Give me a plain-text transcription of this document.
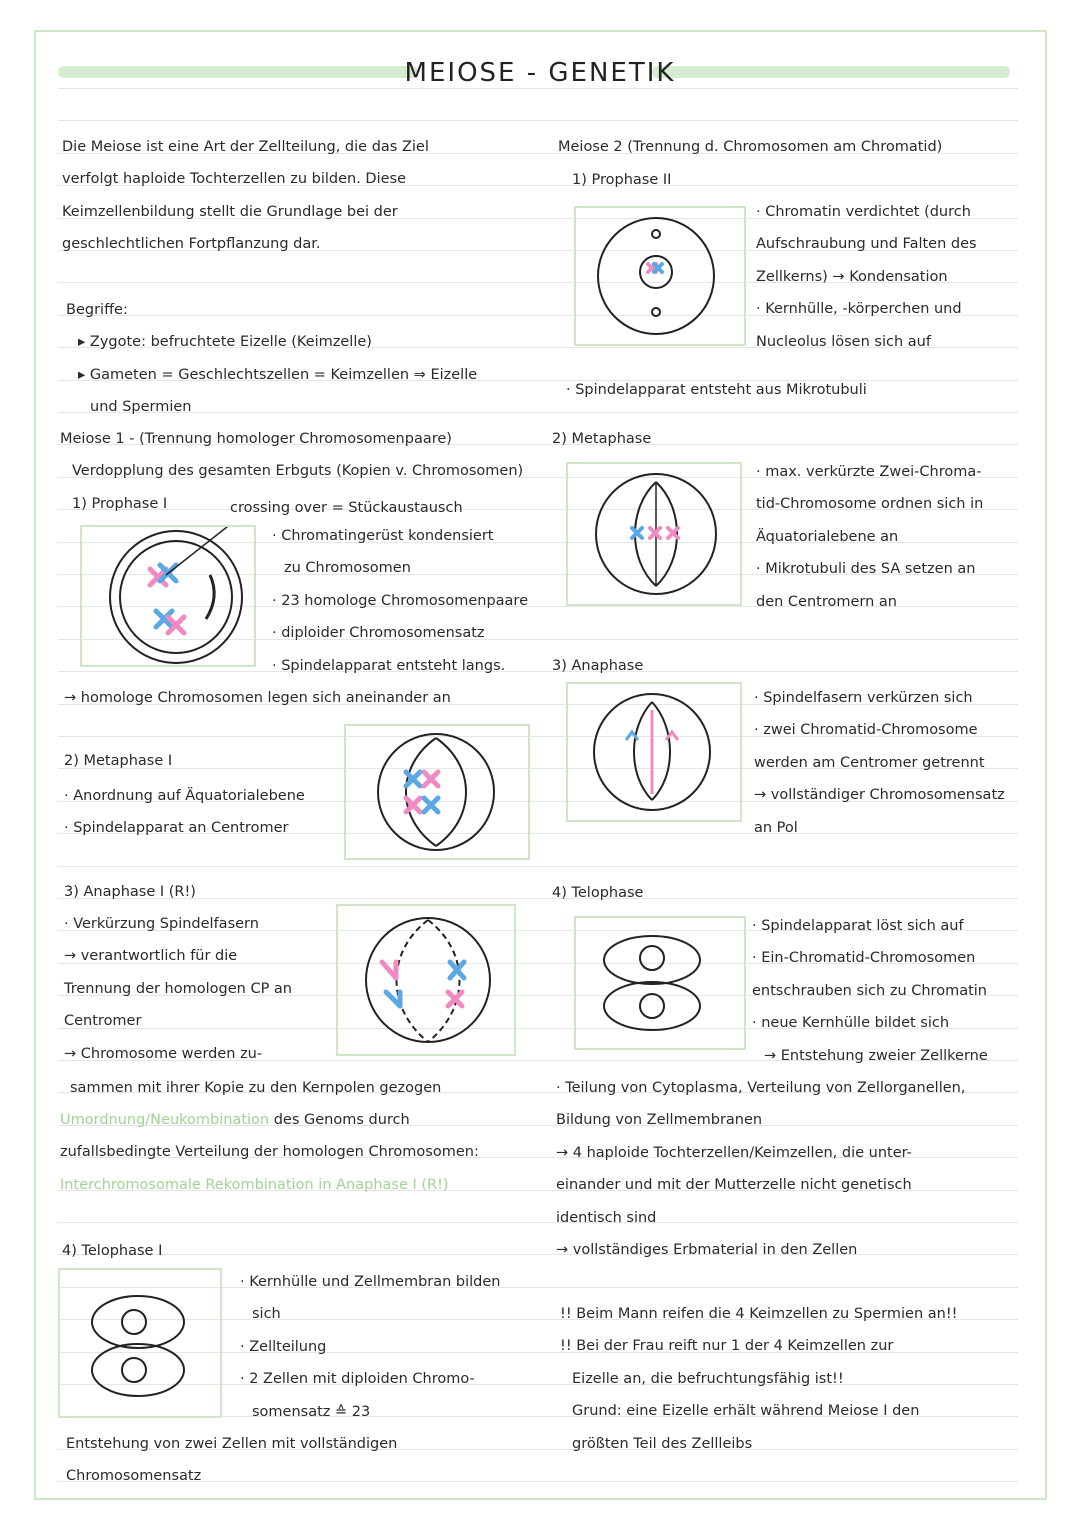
MEIOSE - GENETIK
Die Meiose ist eine Art der Zellteilung, die das Ziel
verfolgt haploide Tochterzellen zu bilden. Diese
Keimzellenbildung stellt die Grundlage bei der
geschlechtlichen Fortpflanzung dar.
Begriffe:
▸ Zygote: befruchtete Eizelle (Keimzelle)
▸ Gameten = Geschlechtszellen = Keimzellen ⇒ Eizelle
und Spermien
Meiose 1 - (Trennung homologer Chromosomenpaare)
Verdopplung des gesamten Erbguts (Kopien v. Chromosomen)
1) Prophase I	crossing over = Stückaustausch
· Chromatingerüst kondensiert
zu Chromosomen
· 23 homologe Chromosomenpaare
· diploider Chromosomensatz
· Spindelapparat entsteht langs.
→ homologe Chromosomen legen sich aneinander an
2) Metaphase I
· Anordnung auf Äquatorialebene
· Spindelapparat an Centromer
3) Anaphase I (R!)
· Verkürzung Spindelfasern
→ verantwortlich für die
Trennung der homologen CP an
Centromer
→ Chromosome werden zu-
sammen mit ihrer Kopie zu den Kernpolen gezogen
Umordnung/Neukombination des Genoms durch
zufallsbedingte Verteilung der homologen Chromosomen:
Interchromosomale Rekombination in Anaphase I (R!)
4) Telophase I
· Kernhülle und Zellmembran bilden
sich
· Zellteilung
· 2 Zellen mit diploiden Chromo-
somensatz ≙ 23
Entstehung von zwei Zellen mit vollständigen
Chromosomensatz
Meiose 2 (Trennung d. Chromosomen am Chromatid)
1) Prophase II
· Chromatin verdichtet (durch
Aufschraubung und Falten des
Zellkerns) → Kondensation
· Kernhülle, -körperchen und
Nucleolus lösen sich auf
· Spindelapparat entsteht aus Mikrotubuli
2) Metaphase
· max. verkürzte Zwei-Chroma-
tid-Chromosome ordnen sich in
Äquatorialebene an
· Mikrotubuli des SA setzen an
den Centromern an
3) Anaphase
· Spindelfasern verkürzen sich
· zwei Chromatid-Chromosome
werden am Centromer getrennt
→ vollständiger Chromosomensatz
an Pol
4) Telophase
· Spindelapparat löst sich auf
· Ein-Chromatid-Chromosomen
entschrauben sich zu Chromatin
· neue Kernhülle bildet sich
→ Entstehung zweier Zellkerne
· Teilung von Cytoplasma, Verteilung von Zellorganellen,
Bildung von Zellmembranen
→ 4 haploide Tochterzellen/Keimzellen, die unter-
einander und mit der Mutterzelle nicht genetisch
identisch sind
→ vollständiges Erbmaterial in den Zellen
!! Beim Mann reifen die 4 Keimzellen zu Spermien an!!
!! Bei der Frau reift nur 1 der 4 Keimzellen zur
Eizelle an, die befruchtungsfähig ist!!
Grund: eine Eizelle erhält während Meiose I den
größten Teil des Zellleibs
